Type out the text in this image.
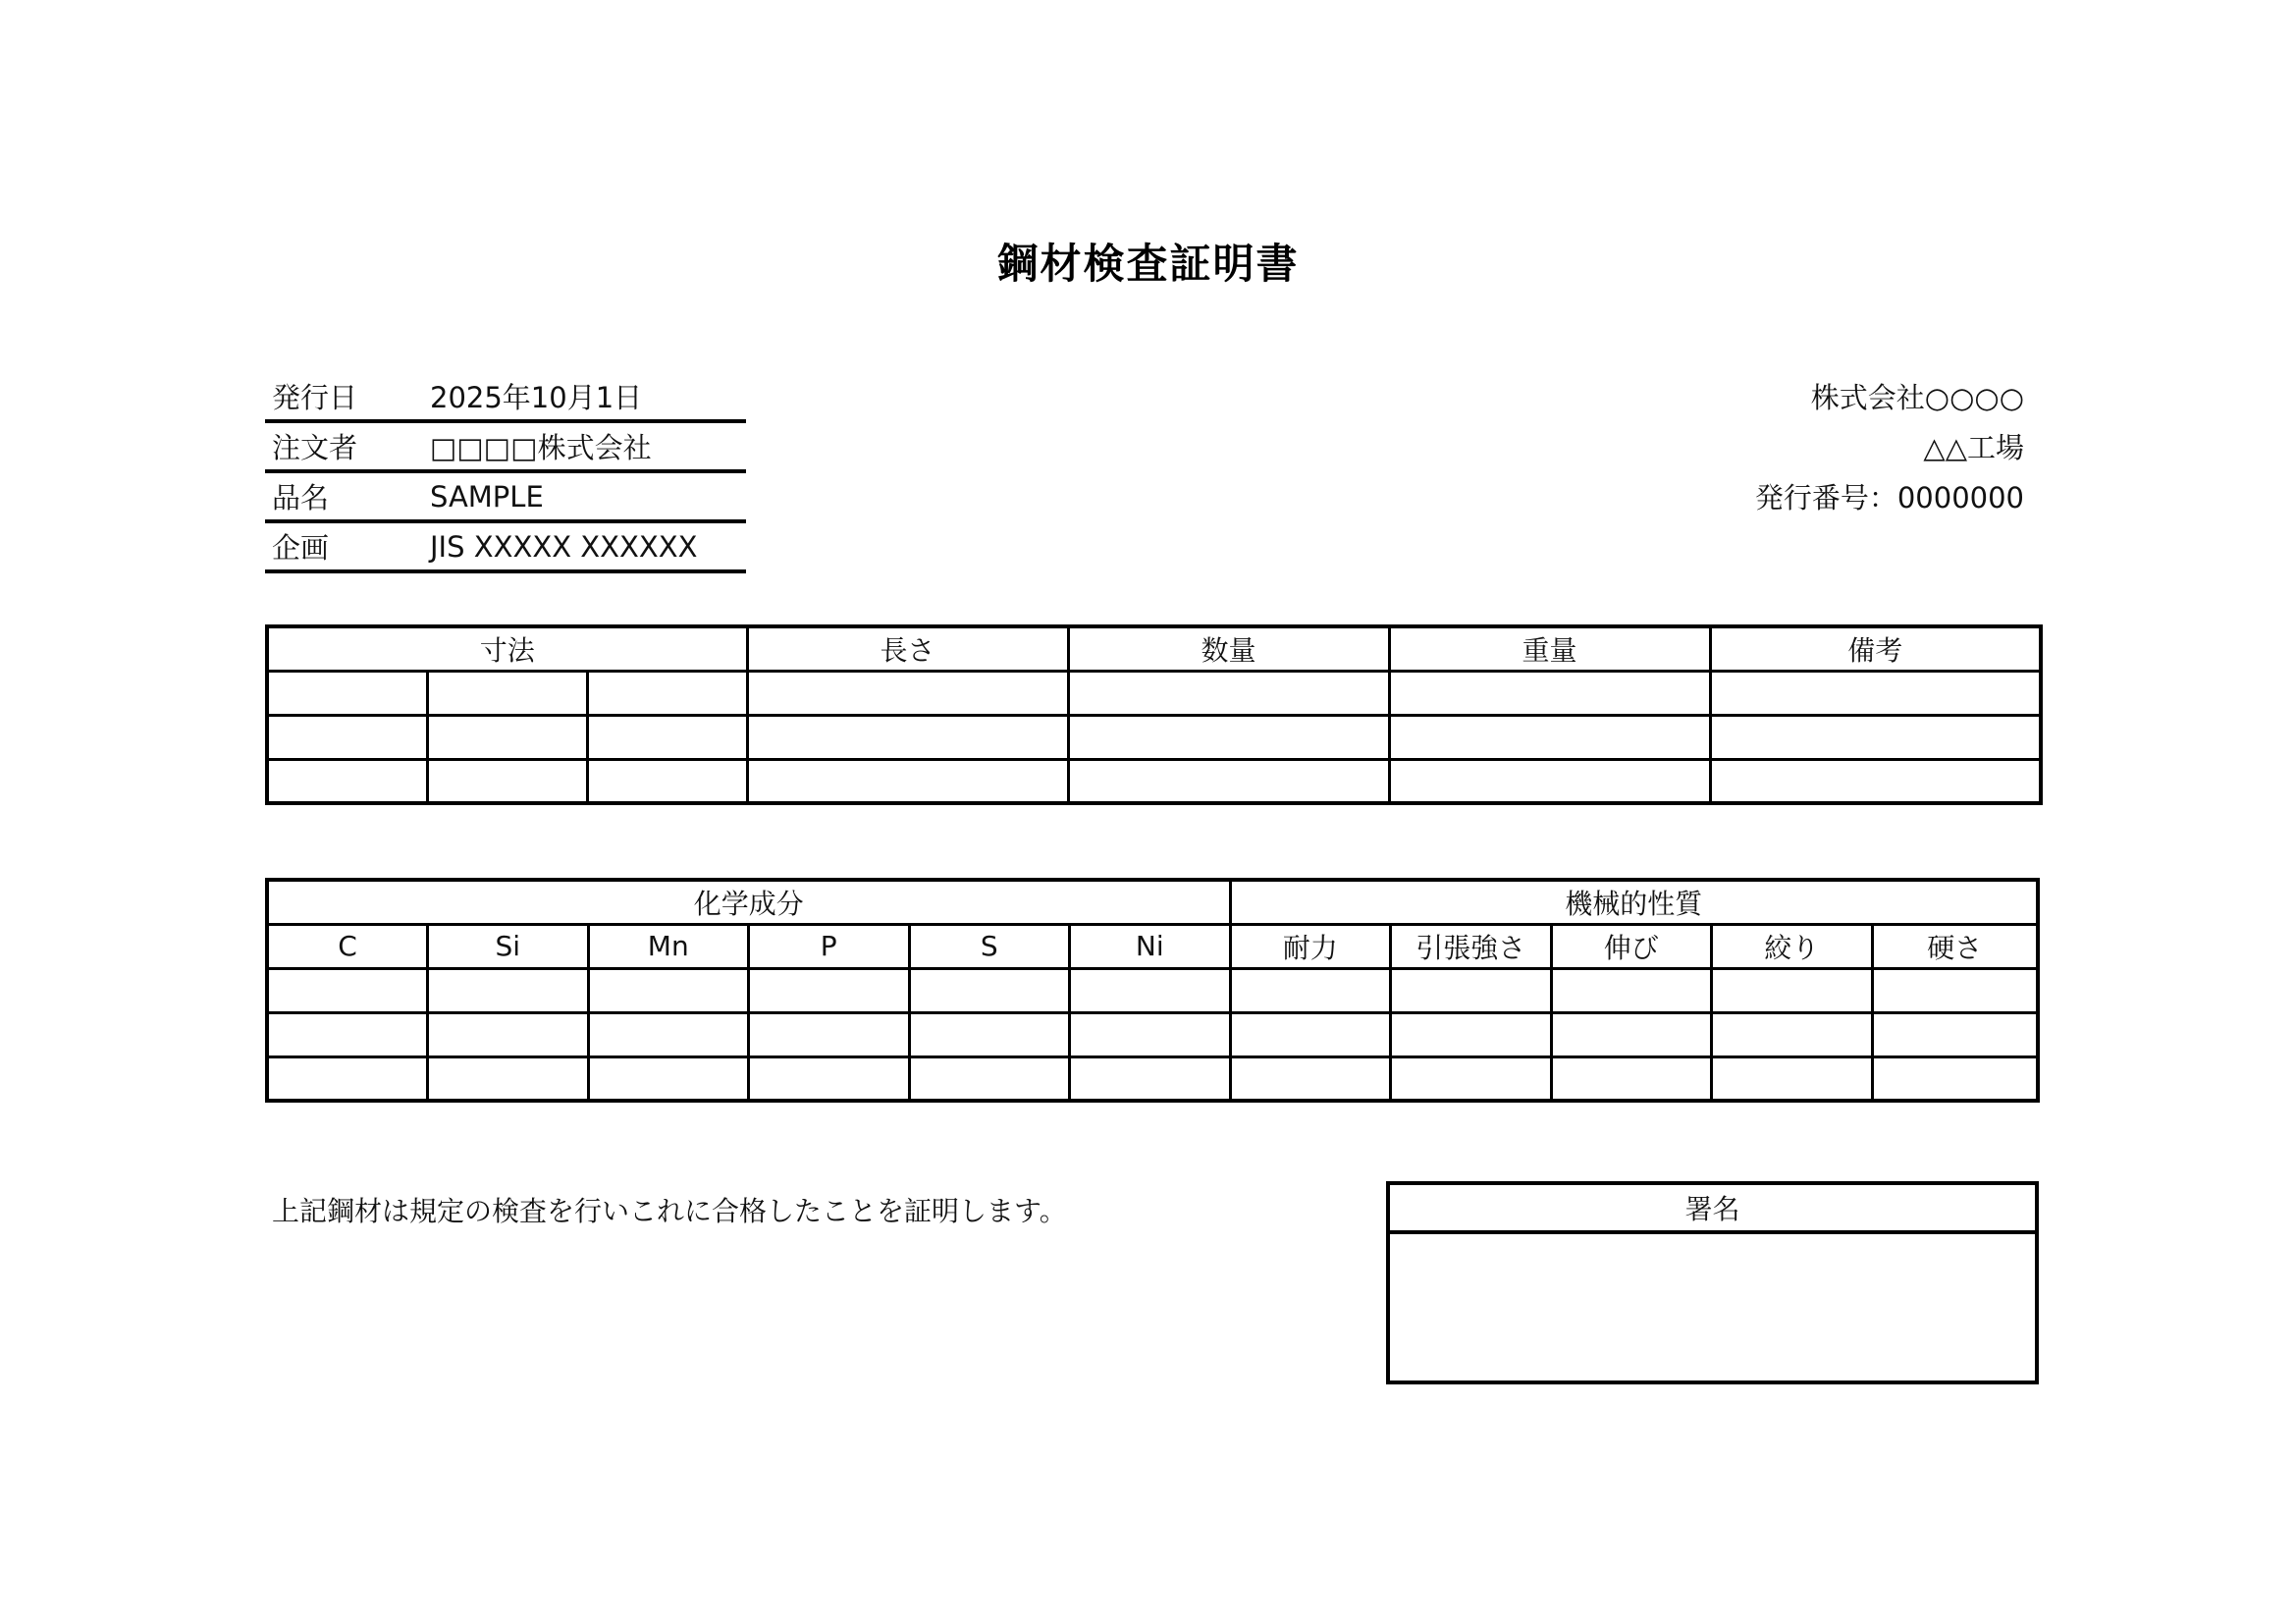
鋼材検査証明書
発行日	2025年10月1日
注文者	□□□□株式会社
品名	SAMPLE
企画	JIS XXXXX XXXXXX
株式会社○○○○
△△工場
発行番号：0000000
寸法			長さ	数量	重量	備考

化学成分						機械的性質				
C	Si	Mn	P	S	Ni	耐力	引張強さ	伸び	絞り	硬さ

上記鋼材は規定の検査を行いこれに合格したことを証明します。	署名
